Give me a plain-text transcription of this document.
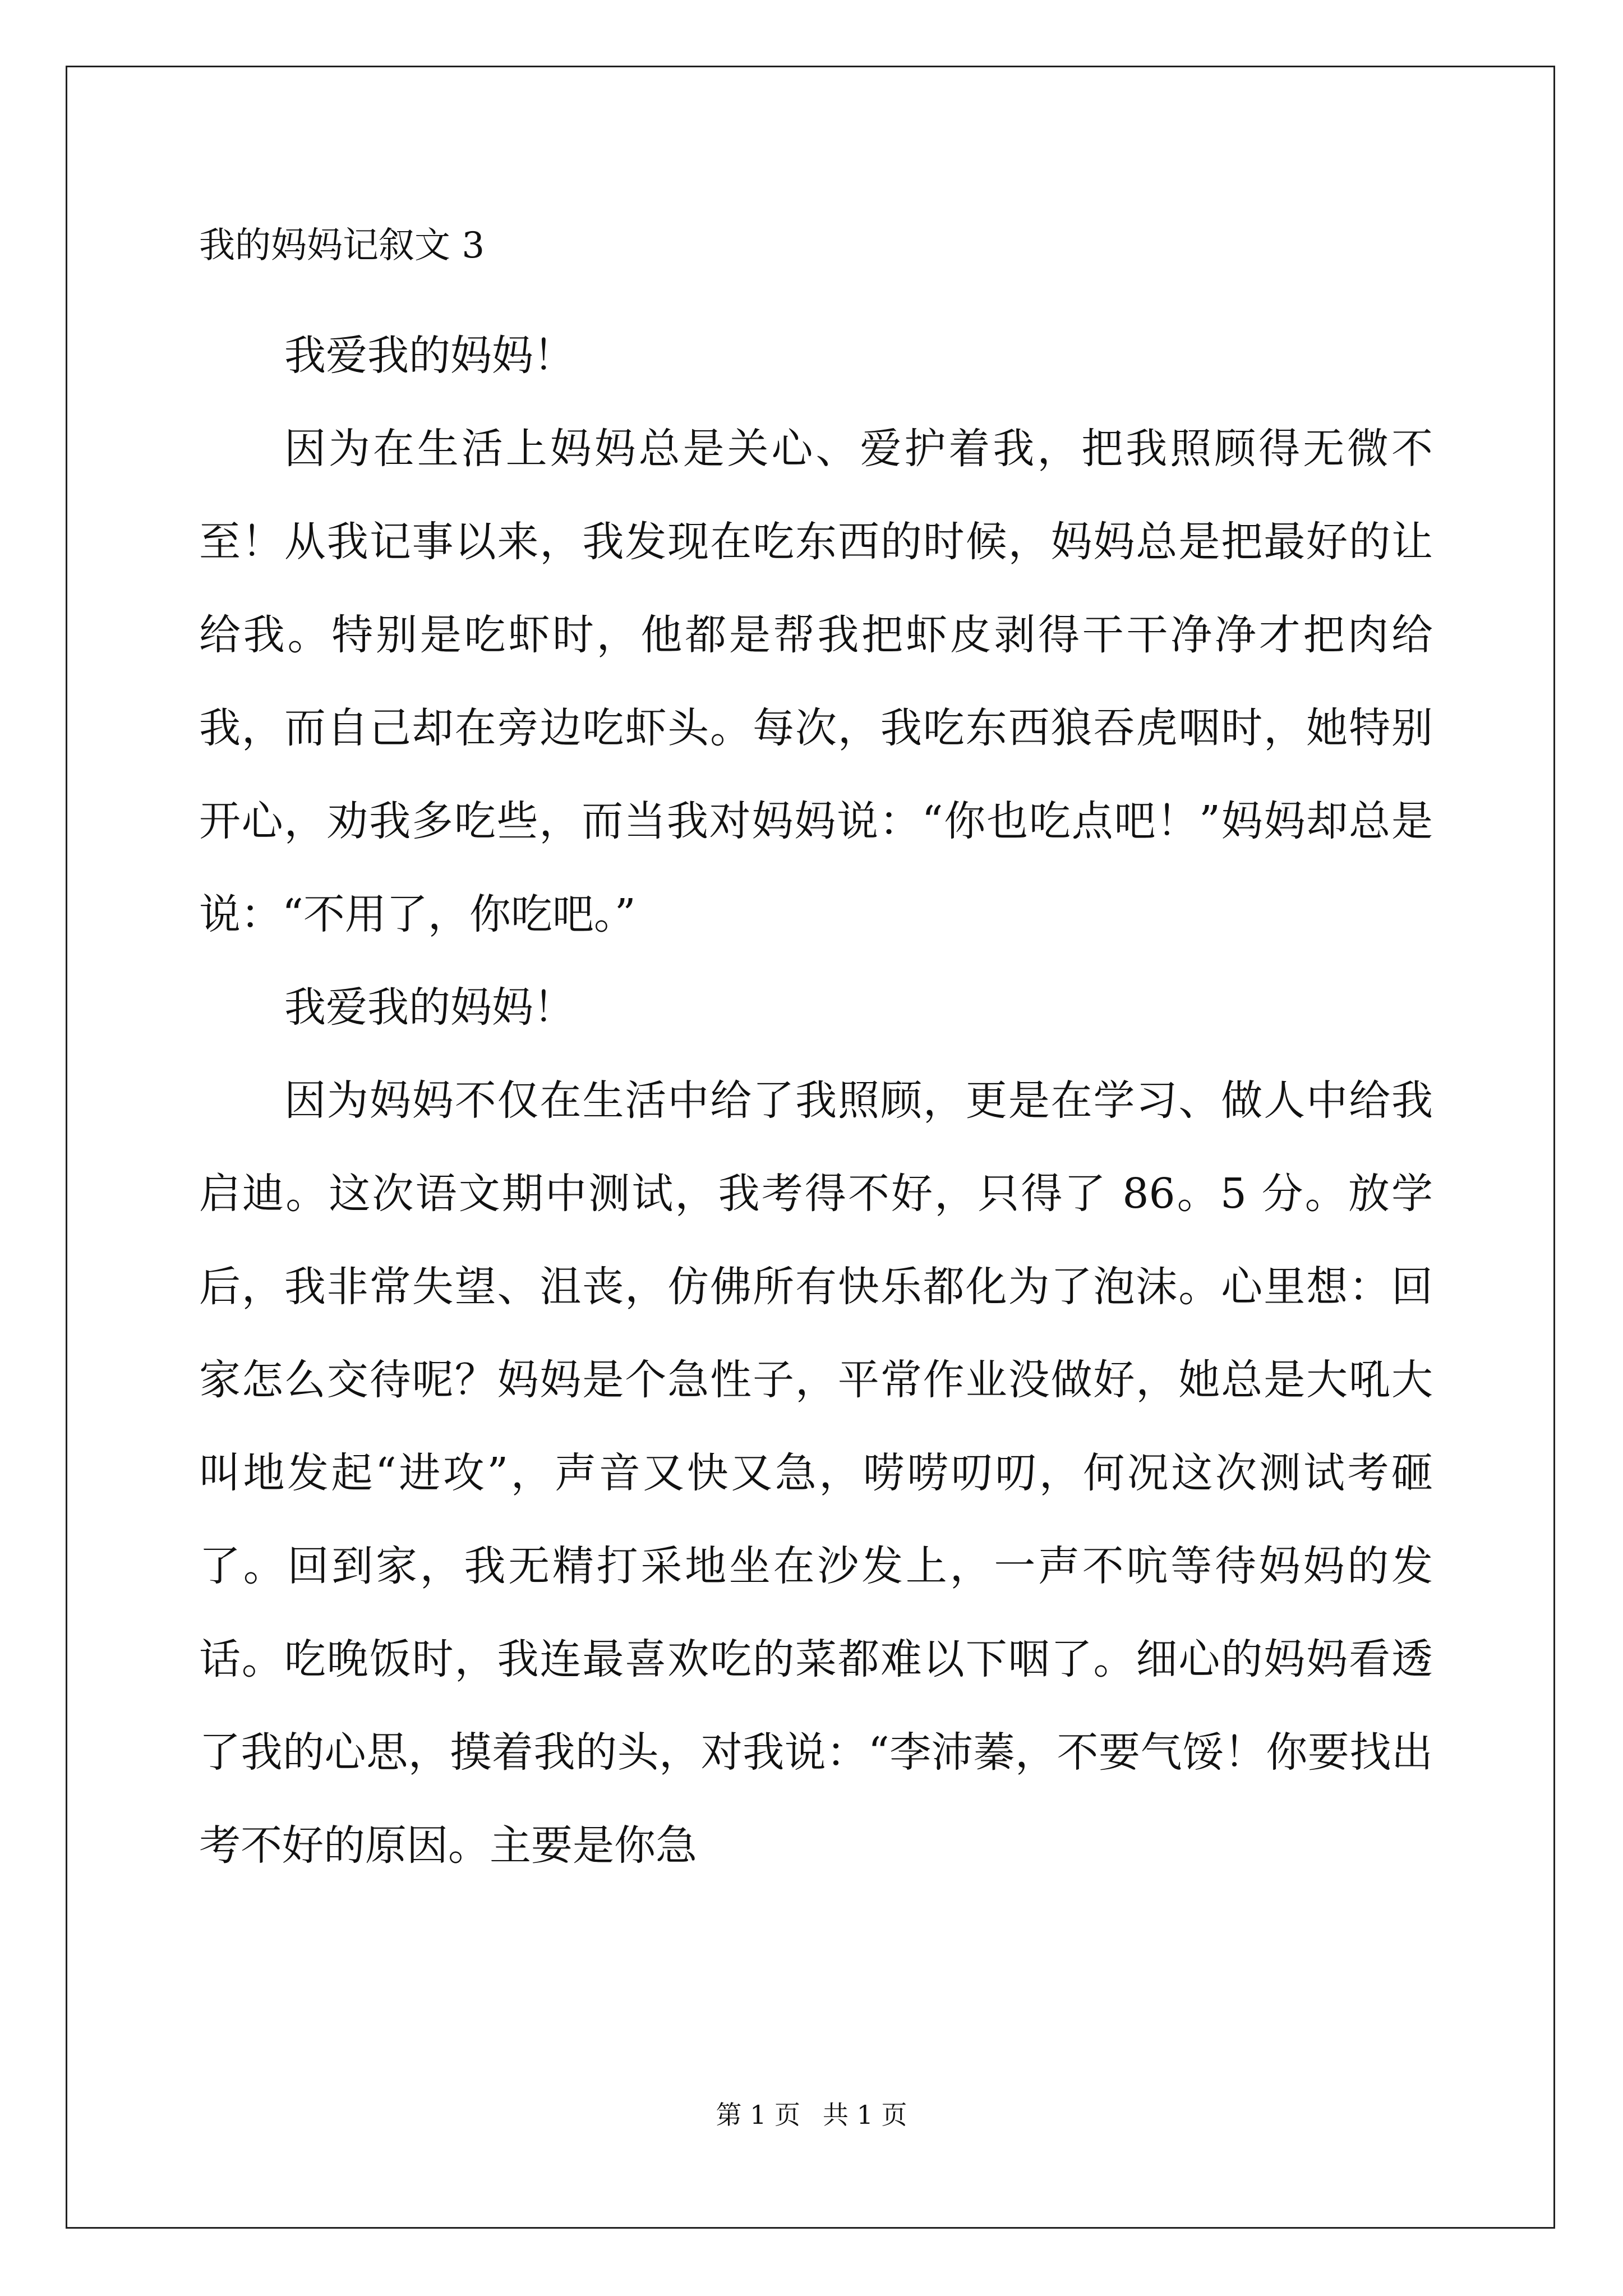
我的妈妈记叙文 3

我爱我的妈妈！

因为在生活上妈妈总是关心、爱护着我，把我照顾得无微不至！从我记事以来，我发现在吃东西的时候，妈妈总是把最好的让给我。特别是吃虾时，他都是帮我把虾皮剥得干干净净才把肉给我，而自己却在旁边吃虾头。每次，我吃东西狼吞虎咽时，她特别开心，劝我多吃些，而当我对妈妈说：“你也吃点吧！”妈妈却总是说：“不用了，你吃吧。”

我爱我的妈妈！

因为妈妈不仅在生活中给了我照顾，更是在学习、做人中给我启迪。这次语文期中测试，我考得不好，只得了 86。5 分。放学后，我非常失望、沮丧，仿佛所有快乐都化为了泡沫。心里想：回家怎么交待呢？妈妈是个急性子，平常作业没做好，她总是大吼大叫地发起“进攻”，声音又快又急，唠唠叨叨，何况这次测试考砸了。回到家，我无精打采地坐在沙发上，一声不吭等待妈妈的发话。吃晚饭时，我连最喜欢吃的菜都难以下咽了。细心的妈妈看透了我的心思，摸着我的头，对我说：“李沛蓁，不要气馁！你要找出考不好的原因。主要是你急

第 1 页 共 1 页
